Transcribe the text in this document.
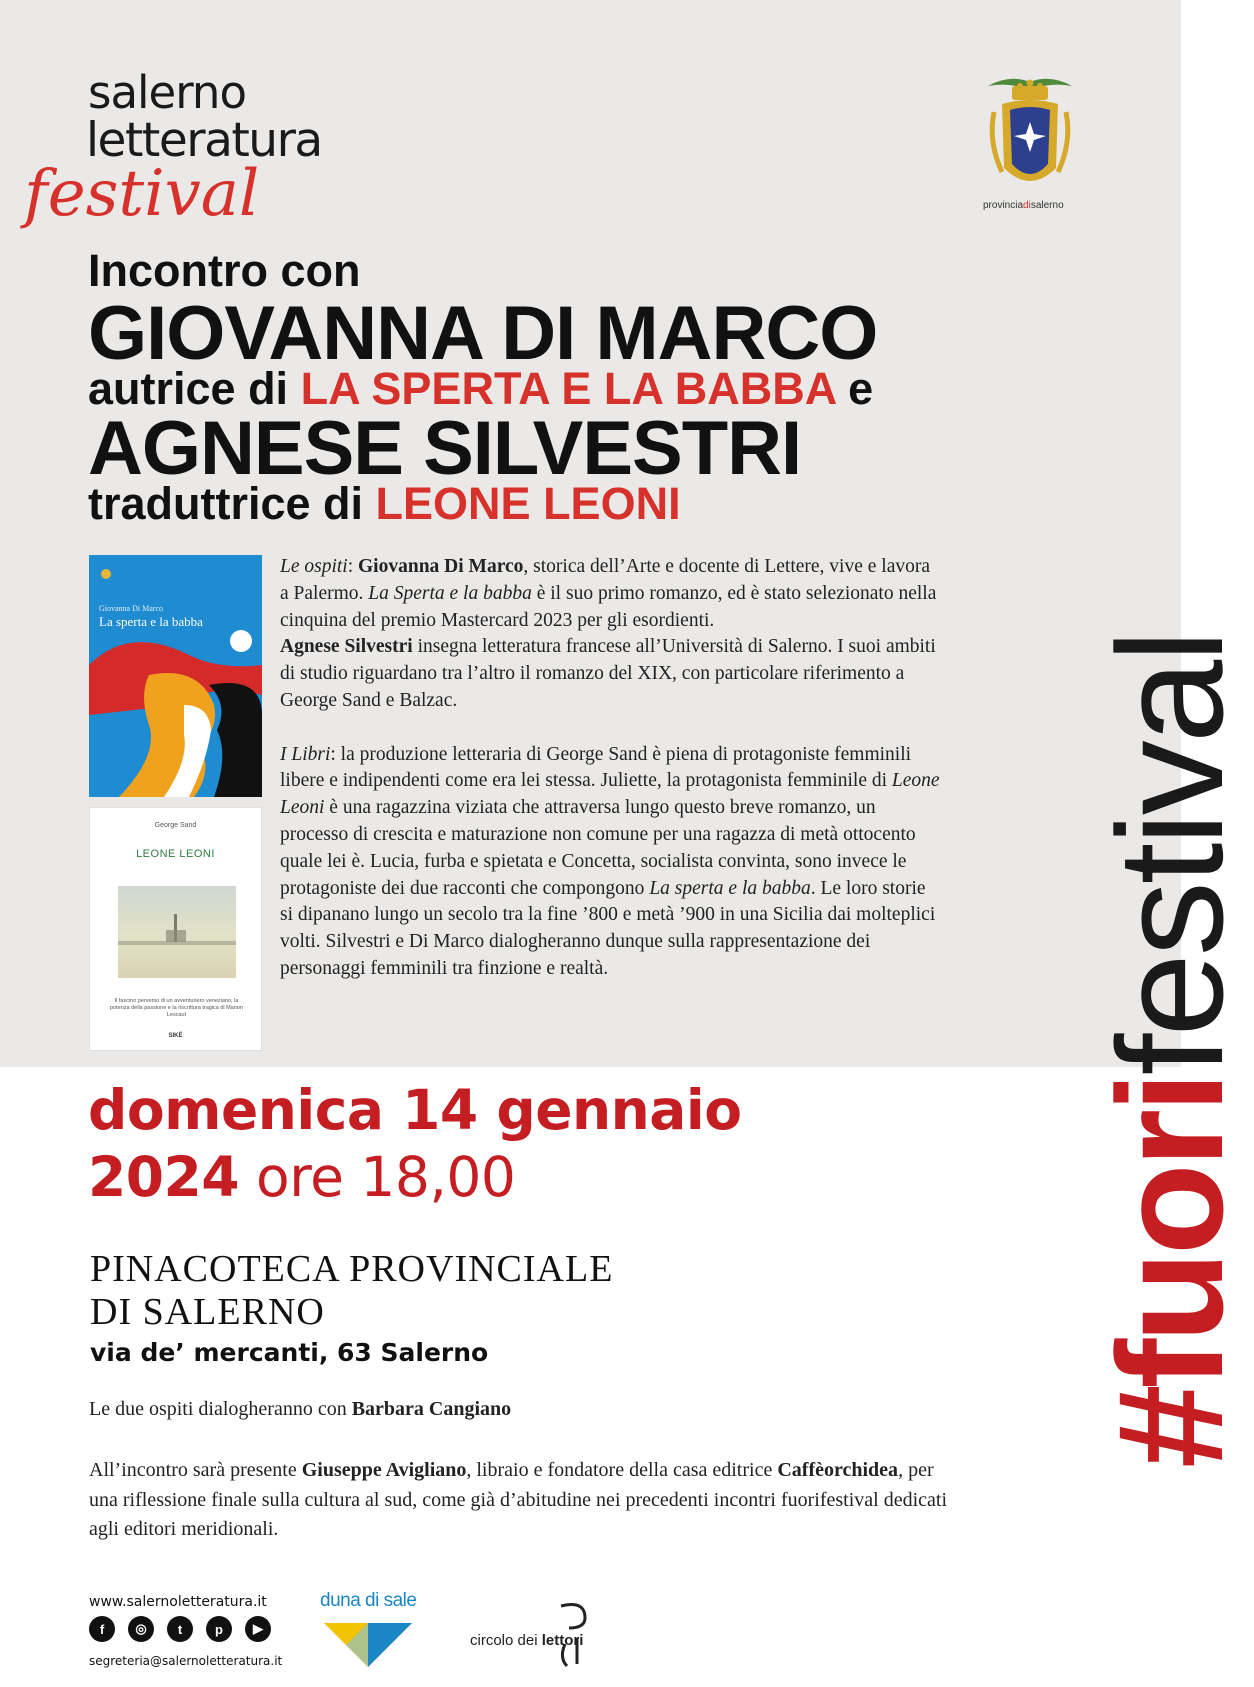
salerno
letteratura
festival	provinciadisalerno
Incontro con
GIOVANNA DI MARCO
autrice di LA SPERTA E LA BABBA e
AGNESE SILVESTRI
traduttrice di LEONE LEONI
Giovanna Di Marco
La sperta e la babba
George Sand
LEONE LEONI
Il fascino perverso di un avventuriero veneziano, la potenza della passione e la riscrittura tragica di Manon Lescaut
SIKÉ

Le ospiti: Giovanna Di Marco, storica dell’Arte e docente di Lettere, vive e lavora a Palermo. La Sperta e la babba è il suo primo romanzo, ed è stato selezionato nella cinquina del premio Mastercard 2023 per gli esordienti.

Agnese Silvestri insegna letteratura francese all’Università di Salerno. I suoi ambiti di studio riguardano tra l’altro il romanzo del XIX, con particolare riferimento a George Sand e Balzac.

I Libri: la produzione letteraria di George Sand è piena di protagoniste femminili libere e indipendenti come era lei stessa. Juliette, la protagonista femminile di Leone Leoni è una ragazzina viziata che attraversa lungo questo breve romanzo, un processo di crescita e maturazione non comune per una ragazza di metà ottocento quale lei è. Lucia, furba e spietata e Concetta, socialista convinta, sono invece le protagoniste dei due racconti che compongono La sperta e la babba. Le loro storie si dipanano lungo un secolo tra la fine ’800 e metà ’900 in una Sicilia dai molteplici volti. Silvestri e Di Marco dialogheranno dunque sulla rappresentazione dei personaggi femminili tra finzione e realtà.

domenica 14 gennaio
2024 ore 18,00
PINACOTECA PROVINCIALE
DI SALERNO
via de’ mercanti, 63 Salerno
Le due ospiti dialogheranno con Barbara Cangiano
All’incontro sarà presente Giuseppe Avigliano, libraio e fondatore della casa editrice Caffèorchidea, per una riflessione finale sulla cultura al sud, come già d’abitudine nei precedenti incontri fuorifestival dedicati agli editori meridionali.
#fuorifestival
www.salernoletteratura.it
f	◎	t	p	▶
segreteria@salernoletteratura.it
duna di sale
circolo dei lettori
